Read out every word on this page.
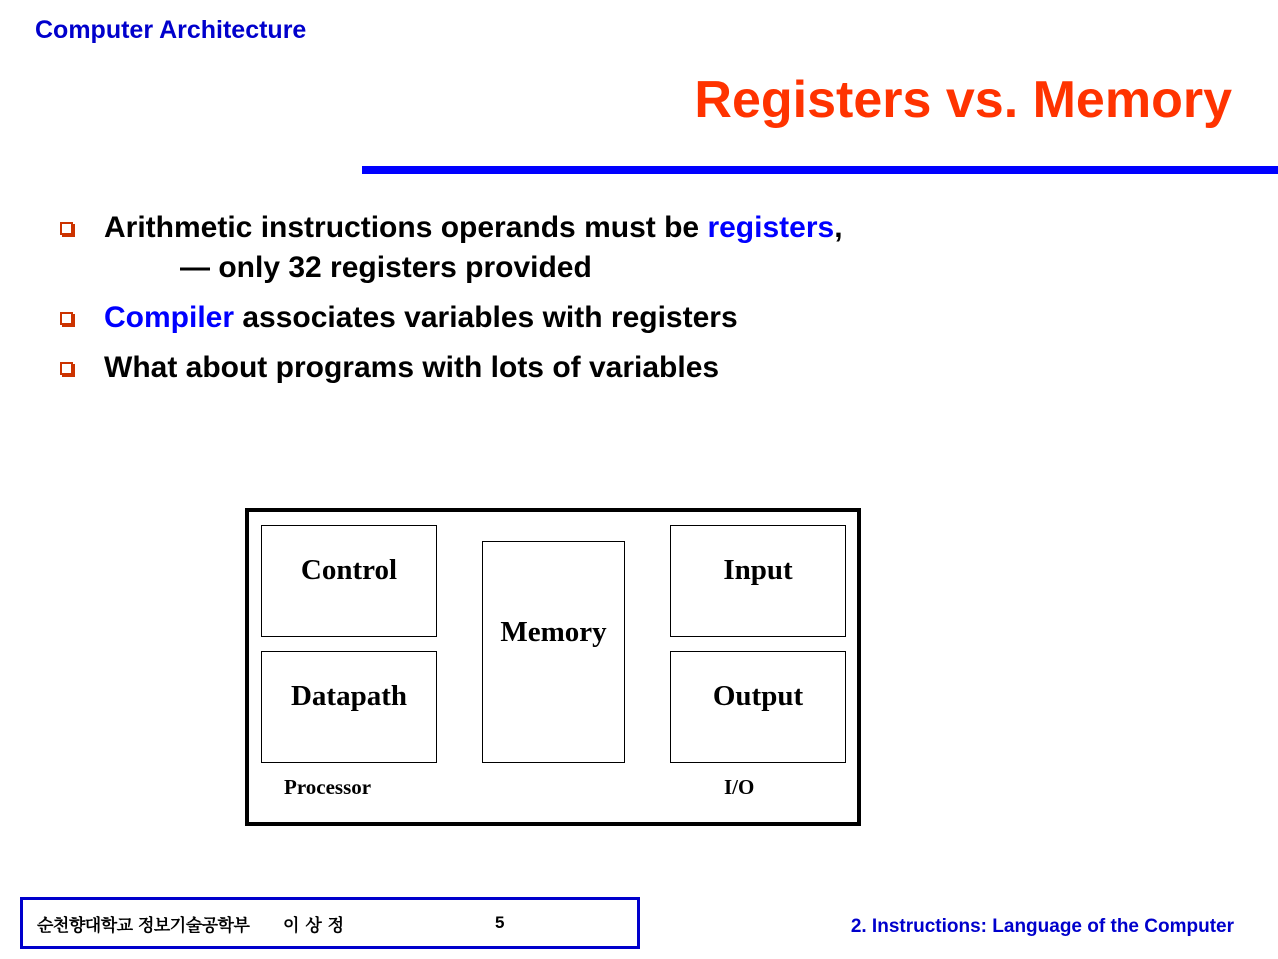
Computer Architecture
Registers vs. Memory
Arithmetic instructions operands must be registers,
— only 32 registers provided
Compiler associates variables with registers
What about programs with lots of variables
Control
Datapath
Memory
Input
Output
Processor	I/O
순천향대학교 정보기술공학부 이 상 정	5	2. Instructions: Language of the Computer
